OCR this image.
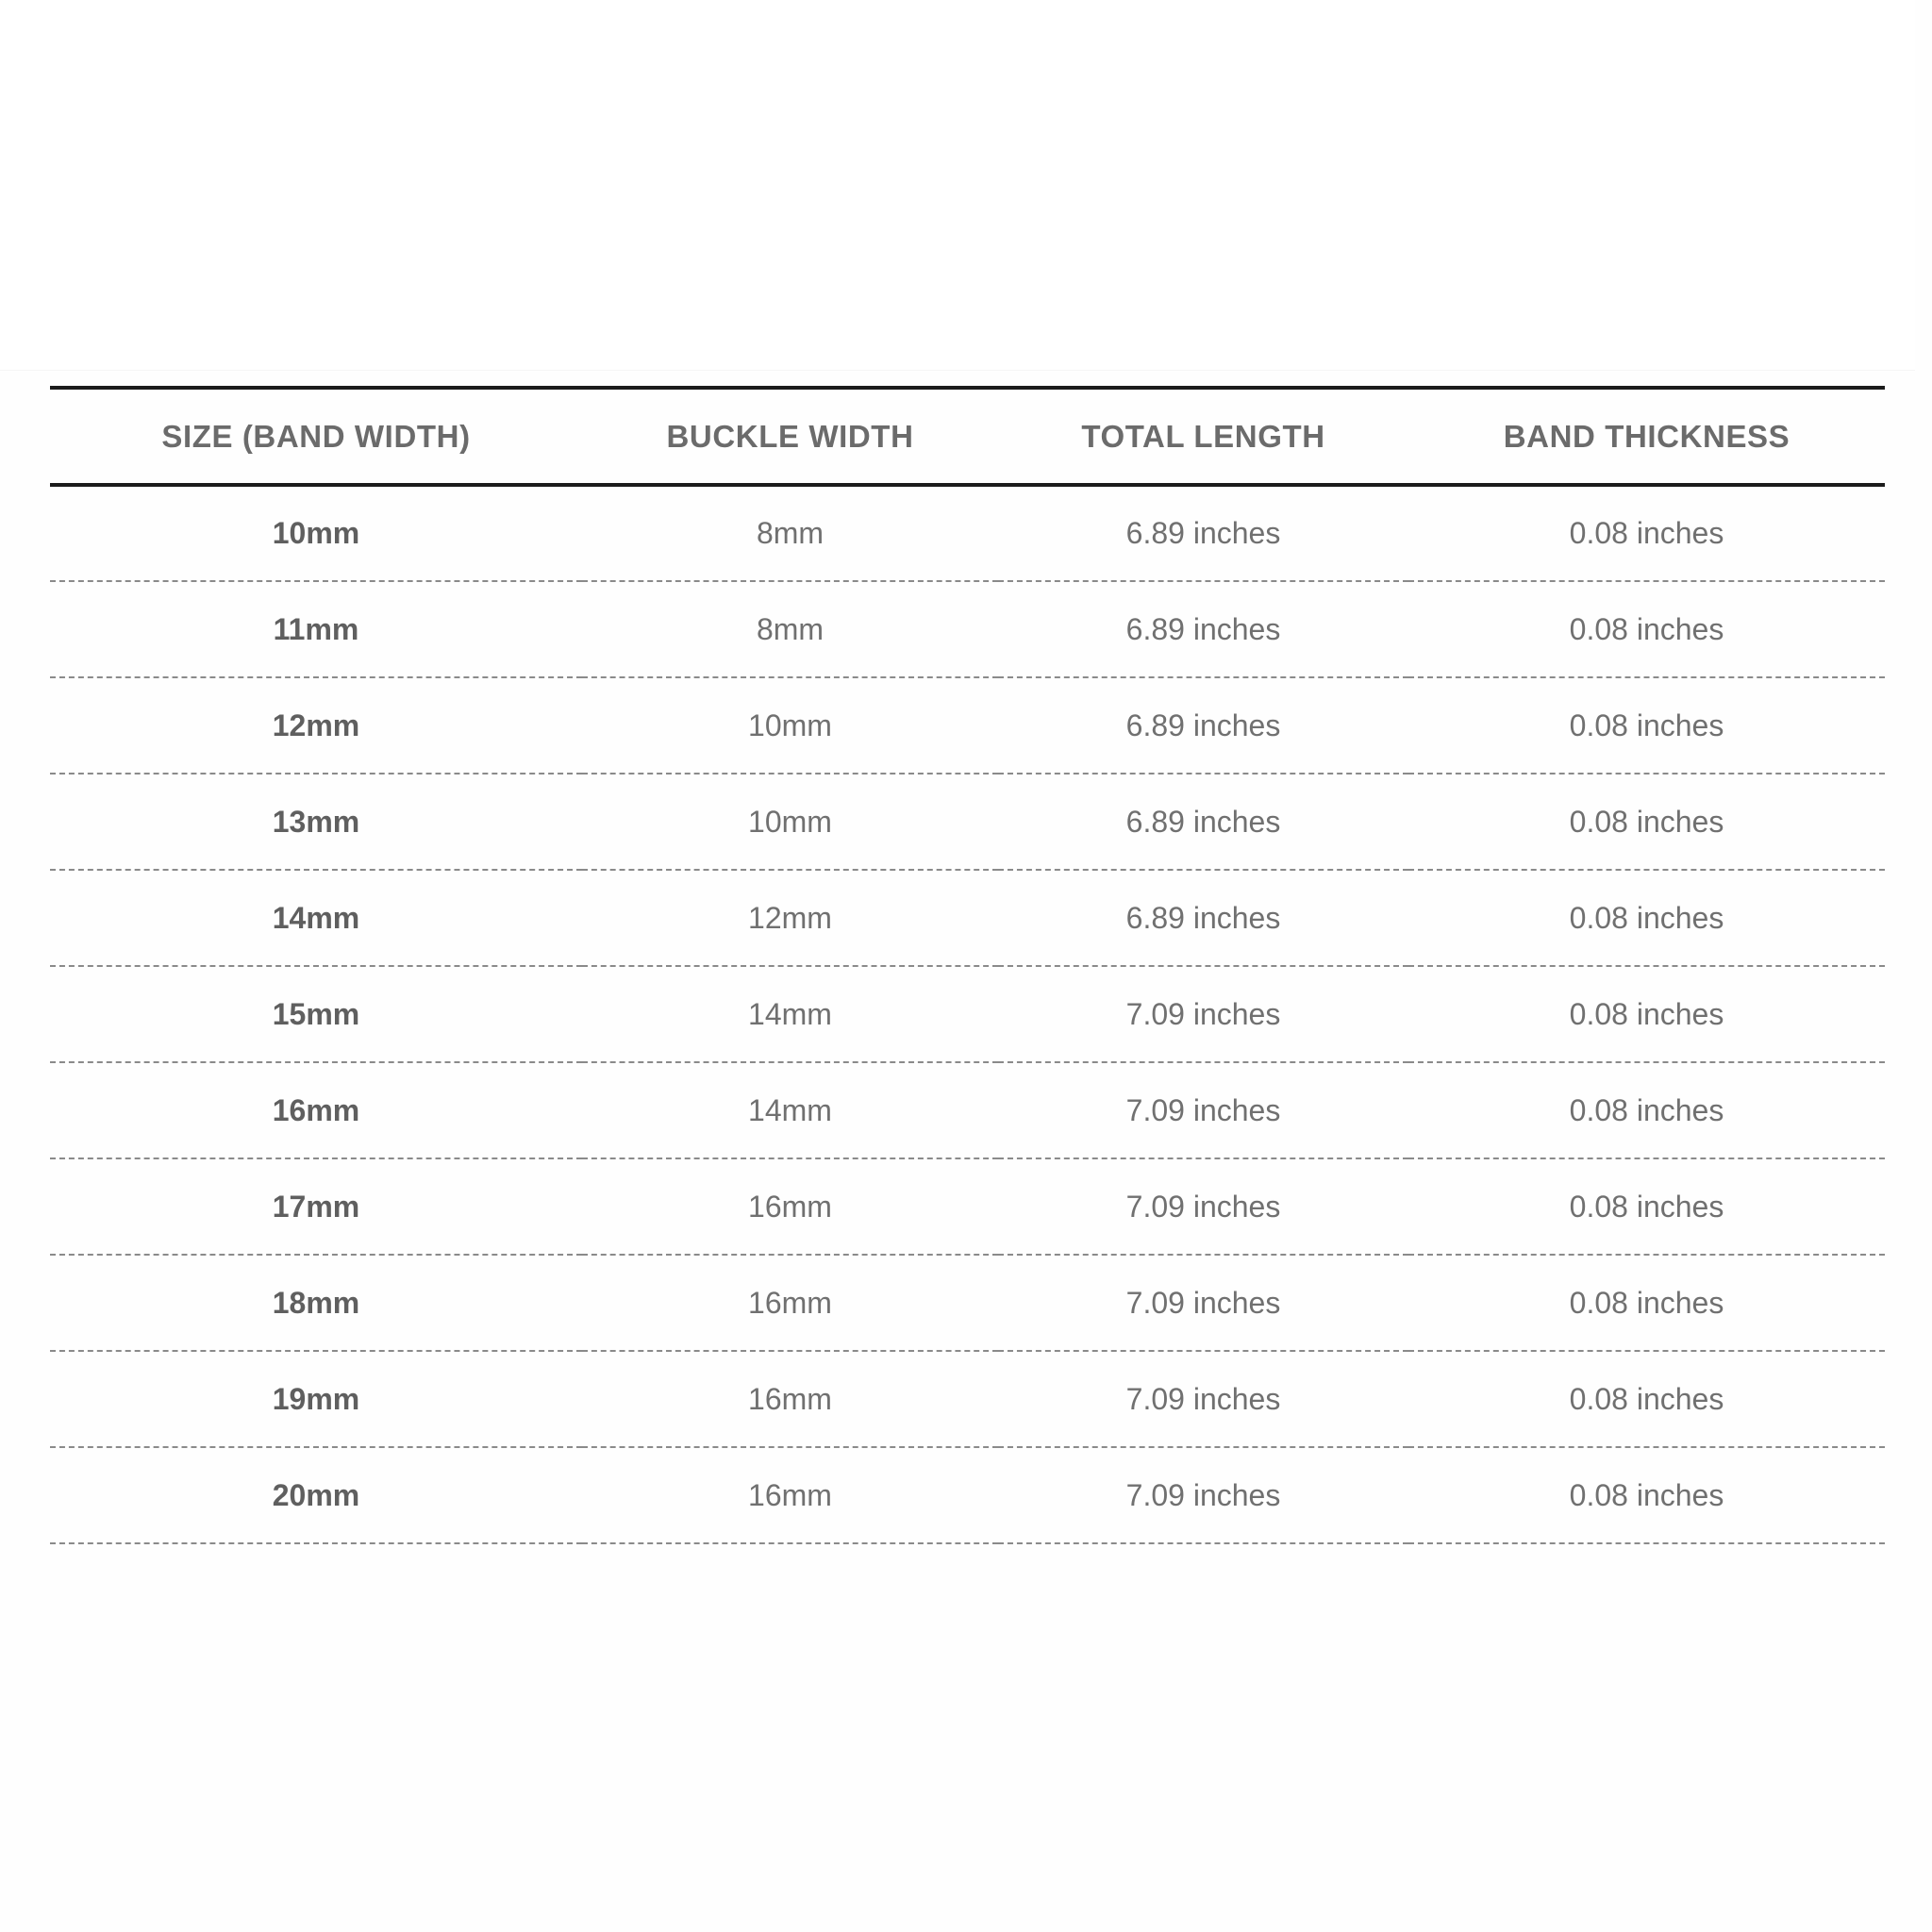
SIZE (BAND WIDTH)	BUCKLE WIDTH	TOTAL LENGTH	BAND THICKNESS
10mm	8mm	6.89 inches	0.08 inches
11mm	8mm	6.89 inches	0.08 inches
12mm	10mm	6.89 inches	0.08 inches
13mm	10mm	6.89 inches	0.08 inches
14mm	12mm	6.89 inches	0.08 inches
15mm	14mm	7.09 inches	0.08 inches
16mm	14mm	7.09 inches	0.08 inches
17mm	16mm	7.09 inches	0.08 inches
18mm	16mm	7.09 inches	0.08 inches
19mm	16mm	7.09 inches	0.08 inches
20mm	16mm	7.09 inches	0.08 inches
